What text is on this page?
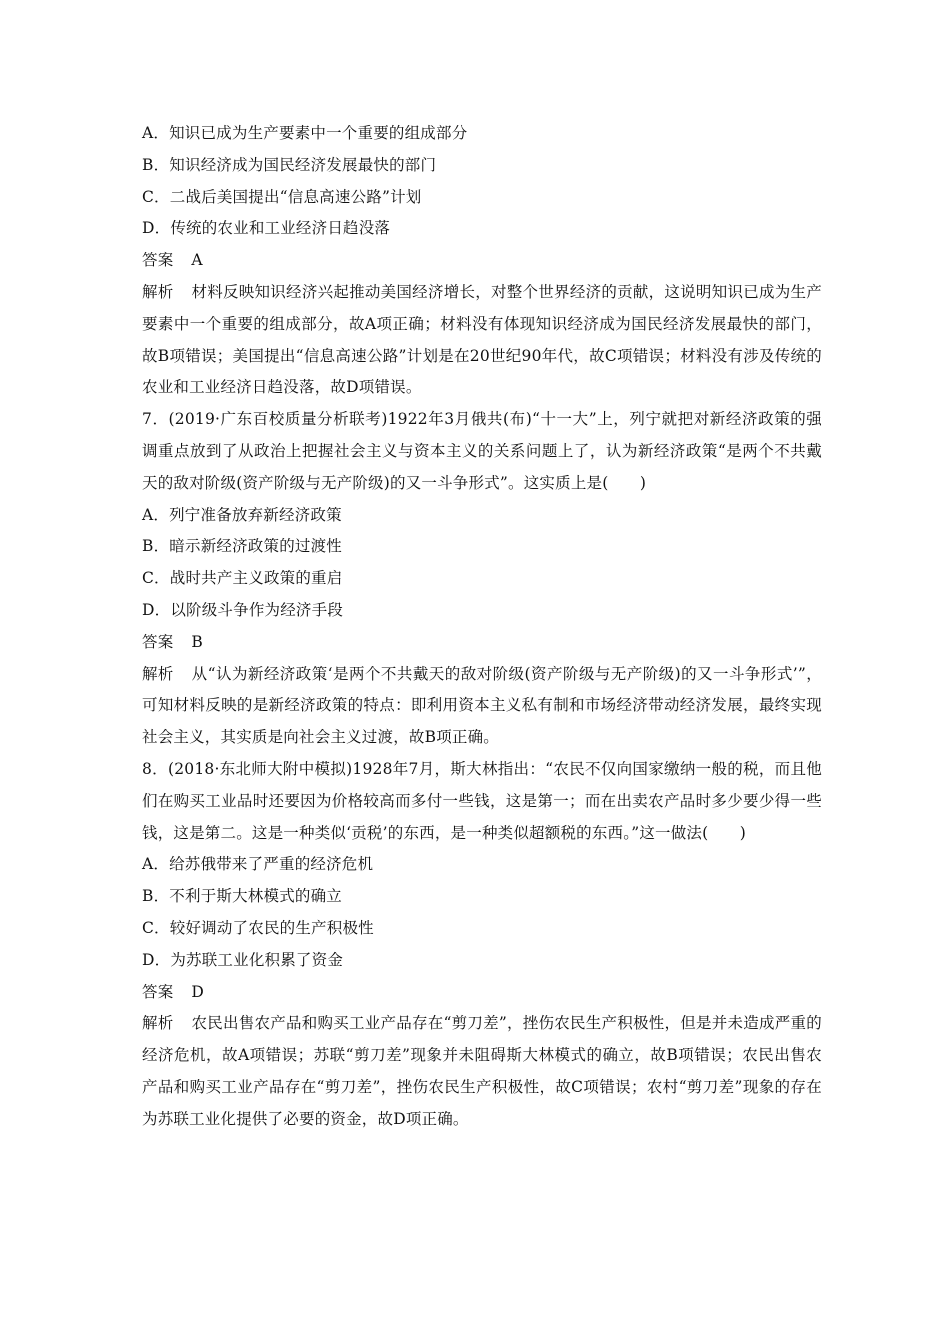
A．知识已成为生产要素中一个重要的组成部分
B．知识经济成为国民经济发展最快的部门
C．二战后美国提出“信息高速公路”计划
D．传统的农业和工业经济日趋没落
答案 A
解析 材料反映知识经济兴起推动美国经济增长，对整个世界经济的贡献，这说明知识已成为生产要素中一个重要的组成部分，故A项正确；材料没有体现知识经济成为国民经济发展最快的部门，故B项错误；美国提出“信息高速公路”计划是在20世纪90年代，故C项错误；材料没有涉及传统的农业和工业经济日趋没落，故D项错误。
7．(2019·广东百校质量分析联考)1922年3月俄共(布)“十一大”上，列宁就把对新经济政策的强调重点放到了从政治上把握社会主义与资本主义的关系问题上了，认为新经济政策“是两个不共戴天的敌对阶级(资产阶级与无产阶级)的又一斗争形式”。这实质上是(　　)
A．列宁准备放弃新经济政策
B．暗示新经济政策的过渡性
C．战时共产主义政策的重启
D．以阶级斗争作为经济手段
答案 B
解析 从“认为新经济政策‘是两个不共戴天的敌对阶级(资产阶级与无产阶级)的又一斗争形式’”，可知材料反映的是新经济政策的特点：即利用资本主义私有制和市场经济带动经济发展，最终实现社会主义，其实质是向社会主义过渡，故B项正确。
8．(2018·东北师大附中模拟)1928年7月，斯大林指出：“农民不仅向国家缴纳一般的税，而且他们在购买工业品时还要因为价格较高而多付一些钱，这是第一；而在出卖农产品时多少要少得一些钱，这是第二。这是一种类似‘贡税’的东西，是一种类似超额税的东西。”这一做法(　　)
A．给苏俄带来了严重的经济危机
B．不利于斯大林模式的确立
C．较好调动了农民的生产积极性
D．为苏联工业化积累了资金
答案 D
解析 农民出售农产品和购买工业产品存在“剪刀差”，挫伤农民生产积极性，但是并未造成严重的经济危机，故A项错误；苏联“剪刀差”现象并未阻碍斯大林模式的确立，故B项错误；农民出售农产品和购买工业产品存在“剪刀差”，挫伤农民生产积极性，故C项错误；农村“剪刀差”现象的存在为苏联工业化提供了必要的资金，故D项正确。
